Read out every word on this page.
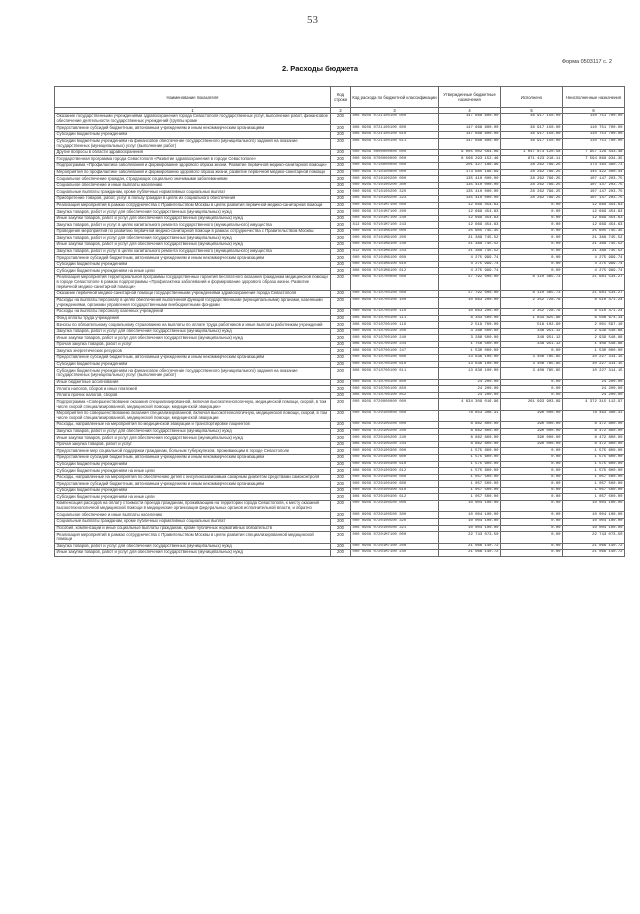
53
Форма 0503117 с. 2
2. Расходы бюджета
Наименование показателя	Код строки	Код расхода по бюджетной классификации	Утвержденные бюджетные назначения	Исполнено	Неисполненные назначения
1	2	3	4	5	6
Оказание государственными учреждениями здравоохранения города Севастополя государственных услуг, выполнение работ, финансовое обеспечение деятельности государственных учреждений (группы кроме	200	806 0909 0721100100 000	147 668 600.00	36 917 150.00	110 751 700.00
Предоставление субсидий бюджетным, автономным учреждениям и иным некоммерческим организациям	200	806 0909 0721100100 600	147 668 600.00	36 917 150.00	110 751 700.00
Субсидии бюджетным учреждениям	200	806 0909 0721100100 610	147 668 600.00	36 917 150.00	110 751 700.00
Субсидии бюджетным учреждениям на финансовое обеспечение государственного (муниципального) задания на оказание государственных (муниципальных) услуг (выполнение работ)	200	806 0909 0721100100 611	147 668 600.00	36 917 150.00	110 751 700.00
Другие вопросы в области здравоохранения	200	000 0909 0000000000 000	9 005 002 564.06	1 047 873 120.58	7 957 129 443.48
Государственная программа города Севастополя «Развитие здравоохранения в городе Севастополе»	200	000 0909 0700000000 000	8 566 293 152.46	971 423 218.11	7 594 869 934.35
Подпрограмма «Профилактика заболеваний и формирование здорового образа жизни. Развитие первичной медико-санитарной помощи»	200	000 0909 0710000000 000	201 427 186.96	28 262 796.25	173 164 390.71
Мероприятия по профилактике заболеваний и формированию здорового образа жизни, развитие первичной медико-санитарной помощи	200	000 0909 0710100000 000	173 685 196.69	28 262 796.25	145 422 400.44
Социальное обеспечение граждан, страдающих социально значимыми заболеваниями	200	000 0909 0710100200 000	135 410 000.00	28 262 796.25	107 147 203.75
Социальное обеспечение и иные выплаты населению	200	000 0909 0710100200 300	135 410 000.00	28 262 796.25	107 147 203.75
Социальные выплаты гражданам, кроме публичных нормативных социальных выплат	200	000 0909 0710100200 320	135 410 000.00	28 262 796.25	107 147 203.75
Приобретение товаров, работ, услуг в пользу граждан в целях их социального обеспечения	200	806 0909 0710100200 323	135 410 000.00	28 262 796.25	107 147 203.75
Реализация мероприятий в рамках сотрудничества с Правительством Москвы в целях развития первичной медико-санитарной помощи	200	000 0909 07101М7100 000	12 669 454.63	0.00	12 669 454.63
Закупка товаров, работ и услуг для обеспечения государственных (муниципальных) нужд	200	000 0909 07101М7100 200	12 669 454.63	0.00	12 669 454.63
Иные закупки товаров, работ и услуг для обеспечения государственных (муниципальных) нужд	200	000 0909 07101М7100 240	12 669 454.63	0.00	12 669 454.63
Закупка товаров, работ и услуг в целях капитального ремонта государственного (муниципального) имущества	200	812 0909 07101М7100 243	12 669 454.63	0.00	12 669 454.63
Проведение мероприятий по развитию первичной медико-санитарной помощи в рамках сотрудничества с Правительством Москвы	200	000 0909 07101М8100 000	25 605 745.35	0.00	25 605 745.35
Закупка товаров, работ и услуг для обеспечения государственных (муниципальных) нужд	200	000 0909 07101М8100 200	21 389 745.52	0.00	21 389 745.52
Иные закупки товаров, работ и услуг для обеспечения государственных (муниципальных) нужд	200	000 0909 07101М8100 240	21 389 745.52	0.00	21 389 745.52
Закупка товаров, работ и услуг в целях капитального ремонта государственного (муниципального) имущества	200	812 0909 07101М8100 243	21 389 745.52	0.00	21 389 745.52
Предоставление субсидий бюджетным, автономным учреждениям и иным некоммерческим организациям	200	000 0909 07101М8100 600	4 275 999.74	0.00	4 275 999.74
Субсидии бюджетным учреждениям	200	000 0909 07101М8100 610	4 275 999.74	0.00	4 275 999.74
Субсидии бюджетным учреждениям на иные цели	200	806 0909 07101М8100 612	4 275 999.74	0.00	4 275 999.74
Реализация мероприятий территориальной программы государственных гарантий бесплатного оказания гражданам медицинской помощи в городе Севастополе в рамках подпрограммы «Профилактика заболеваний и формирование здорового образа жизни. Развитие первичной медико-санитарной помощи»	200	000 0909 0710700000 000	27 792 000.00	6 110 465.73	21 681 534.27
Оказание первичной медико-санитарной помощи государственными учреждениями здравоохранения города Севастополя	200	000 0909 0710700100 000	27 792 000.00	6 110 465.73	21 681 534.27
Расходы на выплаты персоналу в целях обеспечения выполнения функций государственными (муниципальными) органами, казенными учреждениями, органами управления государственными внебюджетными фондами	200	000 0909 0710700100 100	10 863 200.00	2 352 728.76	8 510 471.24
Расходы на выплаты персоналу казенных учреждений	200	000 0909 0710700100 110	10 863 200.00	2 352 728.76	8 510 471.24
Фонд оплаты труда учреждений	200	806 0909 0710700100 111	8 343 500.00	1 834 825.86	6 508 674.14
Взносы по обязательному социальному страхованию на выплаты по оплате труда работников и иные выплаты работникам учреждений	200	806 0909 0710700100 119	2 519 700.00	518 102.90	2 001 597.10
Закупка товаров, работ и услуг для обеспечения государственных (муниципальных) нужд	200	000 0909 0710700100 200	3 288 500.00	348 951.12	2 939 548.88
Иные закупки товаров, работ и услуг для обеспечения государственных (муниципальных) нужд	200	000 0909 0710700100 240	3 288 500.00	348 951.12	2 939 548.88
Прочая закупка товаров, работ и услуг	200	806 0909 0710700100 244	1 758 500.00	348 951.12	1 409 548.88
Закупка энергетических ресурсов	200	806 0909 0710700100 247	1 530 000.00	0.00	1 530 000.00
Предоставление субсидий бюджетным, автономным учреждениям и иным некоммерческим организациям	200	000 0909 0710700100 600	13 636 100.00	3 408 785.85	10 227 314.15
Субсидии бюджетным учреждениям	200	000 0909 0710700100 610	13 636 100.00	3 408 785.85	10 227 314.15
Субсидии бюджетным учреждениям на финансовое обеспечение государственного (муниципального) задания на оказание государственных (муниципальных) услуг (выполнение работ)	200	806 0909 0710700100 611	13 636 100.00	3 408 785.85	10 227 314.15
Иные бюджетные ассигнования	200	000 0909 0710700100 800	24 200.00	0.00	24 200.00
Уплата налогов, сборов и иных платежей	200	000 0909 0710700100 850	24 200.00	0.00	24 200.00
Уплата прочих налогов, сборов	200	806 0909 0710700100 852	24 200.00	0.00	24 200.00
Подпрограмма «Совершенствование оказания специализированной, включая высокотехнологичную, медицинской помощи, скорой, в том числе скорой специализированной, медицинской помощи, медицинской эвакуации»	200	000 0909 0720000000 000	4 634 309 016.86	261 993 903.89	4 372 315 112.97
Мероприятия по совершенствованию оказания специализированной, включая высокотехнологичную, медицинской помощи, скорой, в том числе скорой специализированной, медицинской помощи, медицинской эвакуации	200	000 0909 0720100000 000	78 853 308.31	390 000.00	78 463 308.31
Расходы, направленные на мероприятия по медицинской эвакуации и транспортировке пациентов	200	000 0909 0720100200 000	8 862 800.00	390 000.00	8 472 800.00
Закупка товаров, работ и услуг для обеспечения государственных (муниципальных) нужд	200	000 0909 0720100200 200	8 862 800.00	390 000.00	8 472 800.00
Иные закупки товаров, работ и услуг для обеспечения государственных (муниципальных) нужд	200	000 0909 0720100200 240	8 862 800.00	390 000.00	8 472 800.00
Прочая закупка товаров, работ и услуг	200	806 0909 0720100200 244	8 862 800.00	390 000.00	8 472 800.00
Предоставление мер социальной поддержки гражданам, больным туберкулезом, проживающим в городе Севастополе	200	000 0909 0720100300 000	1 575 600.00	0.00	1 575 600.00
Предоставление субсидий бюджетным, автономным учреждениям и иным некоммерческим организациям	200	000 0909 0720100300 600	1 575 600.00	0.00	1 575 600.00
Субсидии бюджетным учреждениям	200	000 0909 0720100300 610	1 575 600.00	0.00	1 575 600.00
Субсидии бюджетным учреждениям на иные цели	200	806 0909 0720100300 612	1 575 600.00	0.00	1 575 600.00
Расходы, направленные на мероприятия по обеспечению детей с инсулинозависимым сахарным диабетом средствами самоконтроля	200	000 0909 0720100400 000	1 057 500.00	0.00	1 057 500.00
Предоставление субсидий бюджетным, автономным учреждениям и иным некоммерческим организациям	200	000 0909 0720100400 600	1 057 500.00	0.00	1 057 500.00
Субсидии бюджетным учреждениям	200	000 0909 0720100400 610	1 057 500.00	0.00	1 057 500.00
Субсидии бюджетным учреждениям на иные цели	200	806 0909 0720100400 612	1 057 500.00	0.00	1 057 500.00
Компенсация расходов на оплату стоимости проезда гражданам, проживающим на территории города Севастополя, к месту оказания высокотехнологичной медицинской помощи в медицинские организации федеральных органов исполнительной власти, и обратно	200	000 0909 0720100500 000	10 004 100.00	0.00	10 004 100.00
Социальное обеспечение и иные выплаты населению	200	000 0909 0720100500 300	10 004 100.00	0.00	10 004 100.00
Социальные выплаты гражданам, кроме публичных нормативных социальных выплат	200	000 0909 0720100500 320	10 004 100.00	0.00	10 004 100.00
Пособия, компенсации и иные социальные выплаты гражданам, кроме публичных нормативных обязательств	200	806 0909 0720100500 321	10 004 100.00	0.00	10 004 100.00
Реализация мероприятий в рамках сотрудничества с Правительством Москвы в целях развития специализированной медицинской помощи	200	000 0909 07201М7100 000	22 743 073.50	0.00	22 743 073.50
Закупка товаров, работ и услуг для обеспечения государственных (муниципальных) нужд	200	000 0909 07201М7100 200	21 066 140.72	0.00	21 066 140.72
Иные закупки товаров, работ и услуг для обеспечения государственных (муниципальных) нужд	200	000 0909 07201М7100 240	21 066 140.72	0.00	21 066 140.72
